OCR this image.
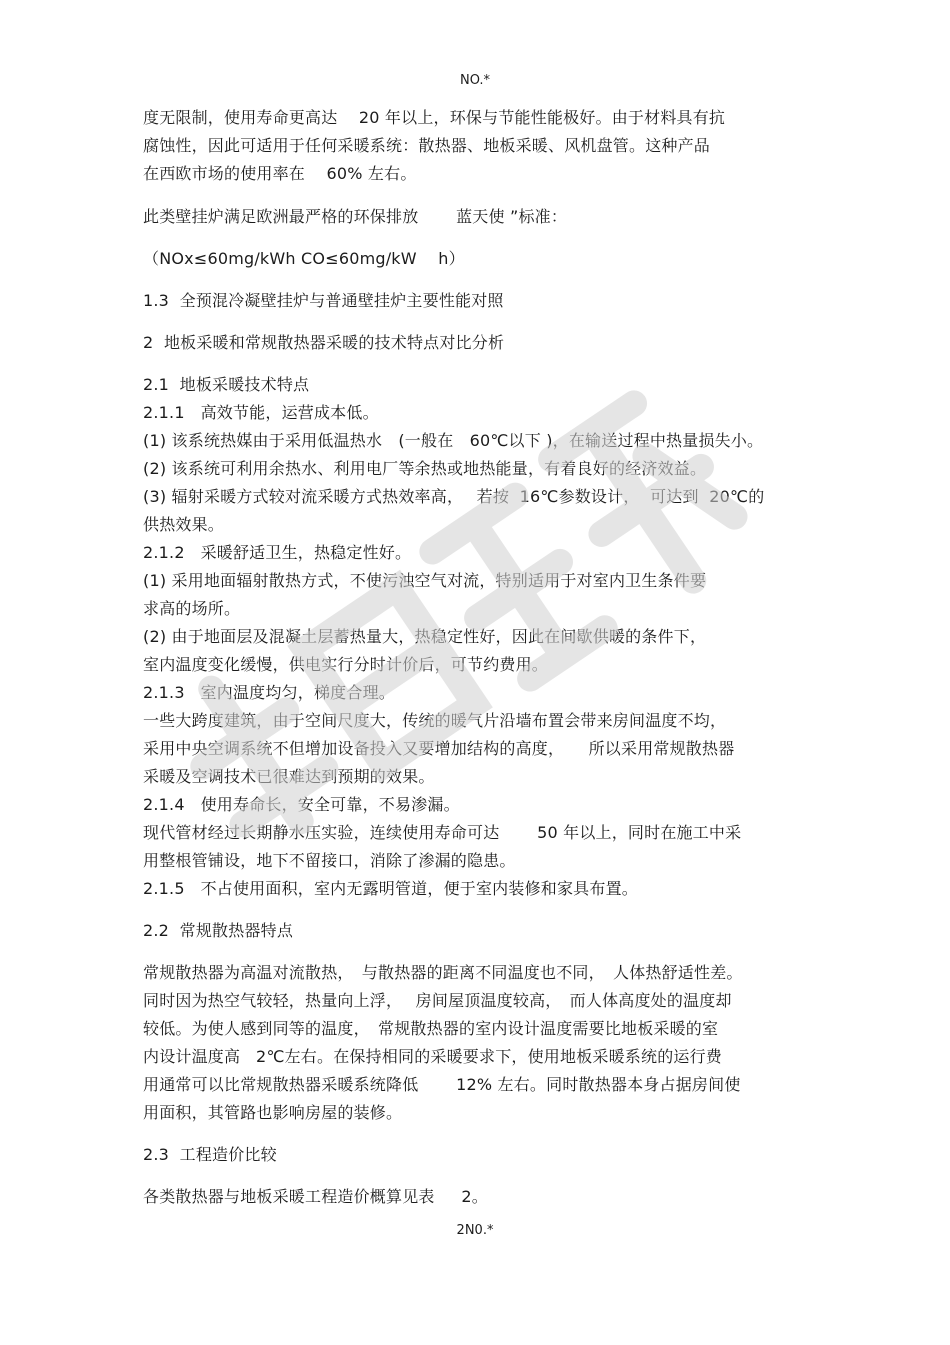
NO.*
度无限制，使用寿命更高达　 20 年以上，环保与节能性能极好。由于材料具有抗
腐蚀性，因此可适用于任何采暖系统：散热器、地板采暖、风机盘管。这种产品
在西欧市场的使用率在　 60% 左右。
此类壁挂炉满足欧洲最严格的环保排放　　 蓝天使 ”标准：
（NOx≤60mg/kWh CO≤60mg/kW　 h）
1.3  全预混冷凝壁挂炉与普通壁挂炉主要性能对照
2  地板采暖和常规散热器采暖的技术特点对比分析
2.1  地板采暖技术特点
2.1.1   高效节能，运营成本低。
(1) 该系统热媒由于采用低温热水　(一般在　60℃以下 )，在输送过程中热量损失小。
(2) 该系统可利用余热水、利用电厂等余热或地热能量，有着良好的经济效益。
(3) 辐射采暖方式较对流采暖方式热效率高，　 若按  16℃参数设计，  可达到  20℃的
供热效果。
2.1.2   采暖舒适卫生，热稳定性好。
(1) 采用地面辐射散热方式，不使污浊空气对流，特别适用于对室内卫生条件要
求高的场所。
(2) 由于地面层及混凝土层蓄热量大，热稳定性好，因此在间歇供暖的条件下，
室内温度变化缓慢，供电实行分时计价后，可节约费用。
2.1.3   室内温度均匀，梯度合理。
一些大跨度建筑，由于空间尺度大，传统的暖气片沿墙布置会带来房间温度不均，
采用中央空调系统不但增加设备投入又要增加结构的高度，　　所以采用常规散热器
采暖及空调技术已很难达到预期的效果。
2.1.4   使用寿命长，安全可靠，不易渗漏。
现代管材经过长期静水压实验，连续使用寿命可达　　 50 年以上，同时在施工中采
用整根管铺设，地下不留接口，消除了渗漏的隐患。
2.1.5   不占使用面积，室内无露明管道，便于室内装修和家具布置。
2.2  常规散热器特点
常规散热器为高温对流散热，　与散热器的距离不同温度也不同，　人体热舒适性差。
同时因为热空气较轻，热量向上浮，　 房间屋顶温度较高，　而人体高度处的温度却
较低。为使人感到同等的温度，　常规散热器的室内设计温度需要比地板采暖的室
内设计温度高   2℃左右。在保持相同的采暖要求下，使用地板采暖系统的运行费
用通常可以比常规散热器采暖系统降低　　 12% 左右。同时散热器本身占据房间使
用面积，其管路也影响房屋的装修。
2.3  工程造价比较
各类散热器与地板采暖工程造价概算见表　  2。
2N0.*
